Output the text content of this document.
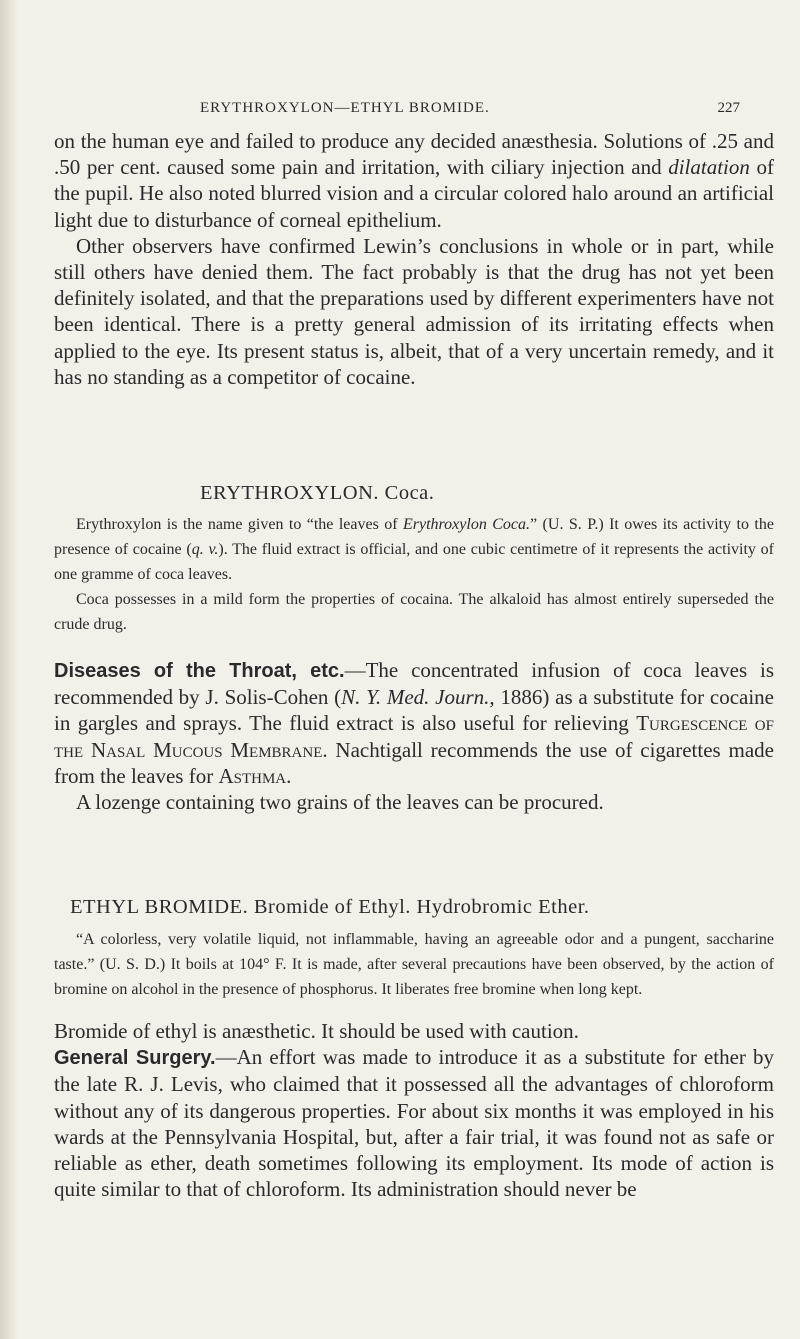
ERYTHROXYLON—ETHYL BROMIDE.	227

on the human eye and failed to produce any decided anæsthesia. Solutions of .25 and .50 per cent. caused some pain and irritation, with ciliary injection and dilatation of the pupil. He also noted blurred vision and a circular colored halo around an artificial light due to disturbance of corneal epithelium.

Other observers have confirmed Lewin’s conclusions in whole or in part, while still others have denied them. The fact probably is that the drug has not yet been definitely isolated, and that the preparations used by different experimenters have not been identical. There is a pretty general admission of its irritating effects when applied to the eye. Its present status is, albeit, that of a very uncertain remedy, and it has no standing as a competitor of cocaine.

ERYTHROXYLON. Coca.

Erythroxylon is the name given to “the leaves of Erythroxylon Coca.” (U. S. P.) It owes its activity to the presence of cocaine (q. v.). The fluid extract is official, and one cubic centimetre of it represents the activity of one gramme of coca leaves.

Coca possesses in a mild form the properties of cocaina. The alkaloid has almost entirely superseded the crude drug.

Diseases of the Throat, etc.—The concentrated infusion of coca leaves is recommended by J. Solis-Cohen (N. Y. Med. Journ., 1886) as a substitute for cocaine in gargles and sprays. The fluid extract is also useful for relieving Turgescence of the Nasal Mucous Membrane. Nachtigall recommends the use of cigarettes made from the leaves for Asthma.

A lozenge containing two grains of the leaves can be procured.

ETHYL BROMIDE. Bromide of Ethyl. Hydrobromic Ether.

“A colorless, very volatile liquid, not inflammable, having an agreeable odor and a pungent, saccharine taste.” (U. S. D.) It boils at 104° F. It is made, after several precautions have been observed, by the action of bromine on alcohol in the presence of phosphorus. It liberates free bromine when long kept.

Bromide of ethyl is anæsthetic. It should be used with caution.

General Surgery.—An effort was made to introduce it as a substitute for ether by the late R. J. Levis, who claimed that it possessed all the advantages of chloroform without any of its dangerous properties. For about six months it was employed in his wards at the Pennsylvania Hospital, but, after a fair trial, it was found not as safe or reliable as ether, death sometimes following its employment. Its mode of action is quite similar to that of chloroform. Its administration should never be
